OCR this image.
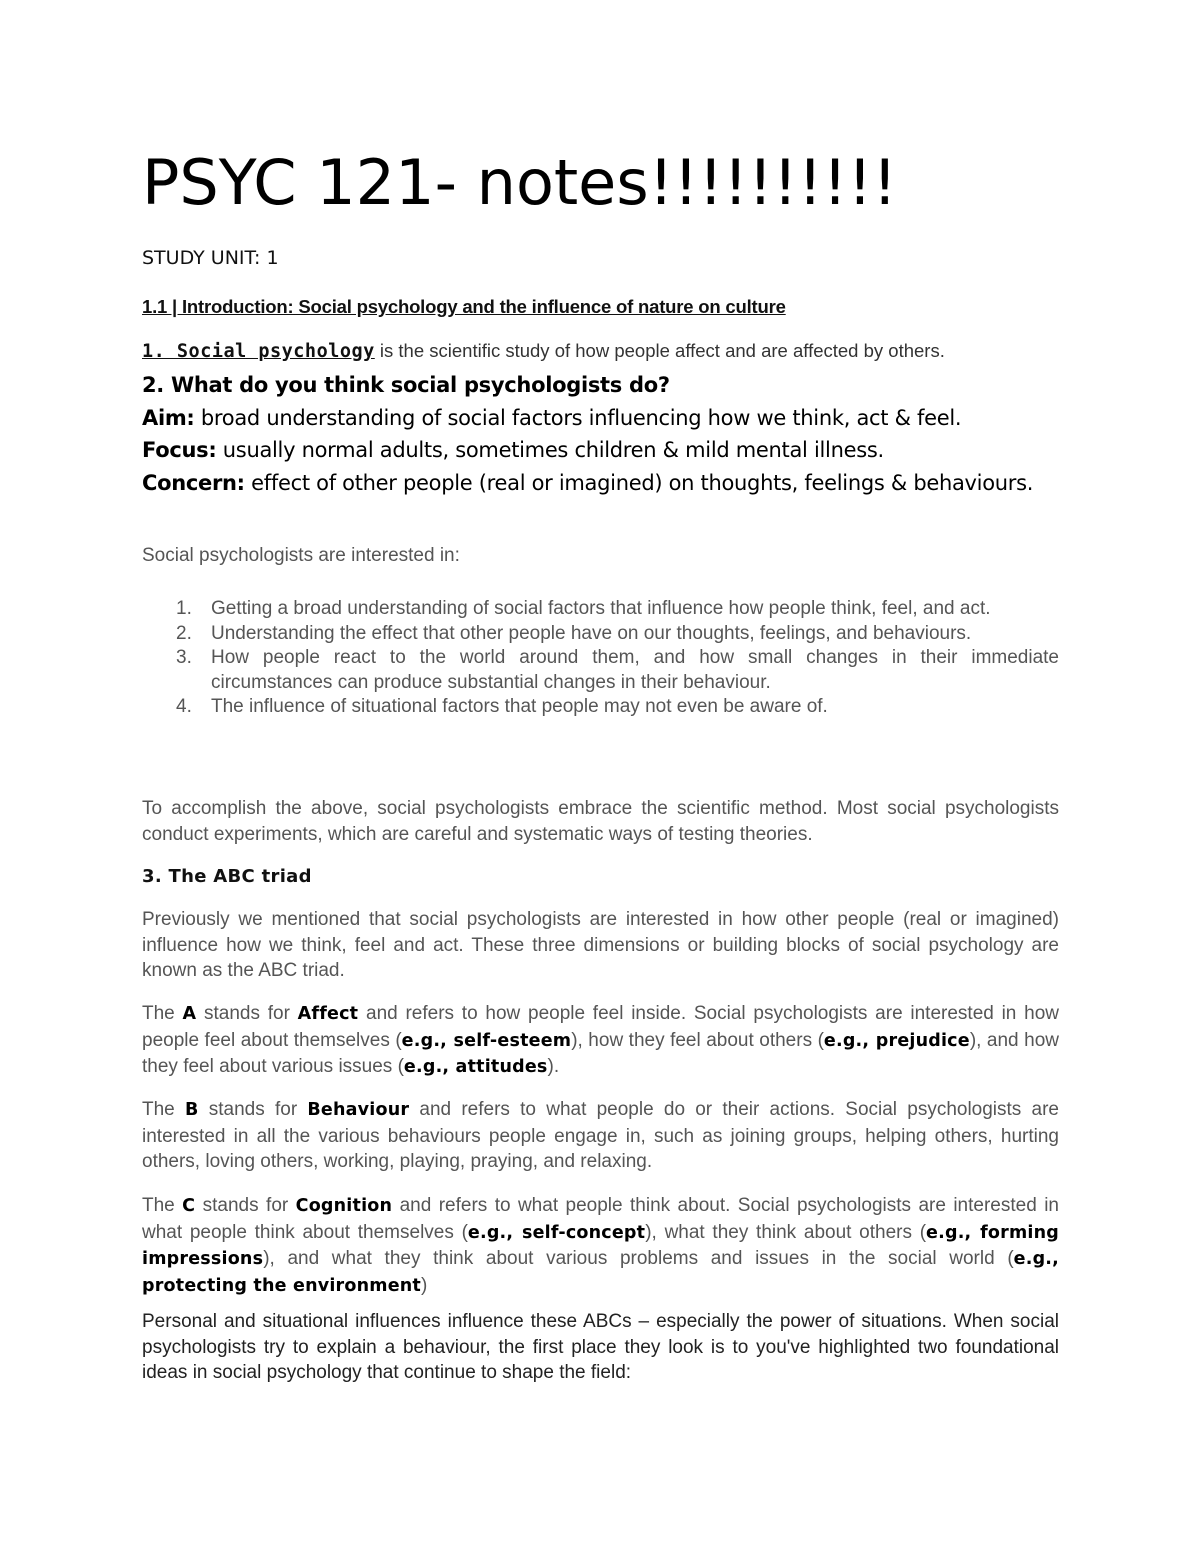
PSYC 121- notes!!!!!!!!!!
STUDY UNIT: 1
1.1 | Introduction: Social psychology and the influence of nature on culture
1. Social psychology is the scientific study of how people affect and are affected by others.
2. What do you think social psychologists do?

Aim: broad understanding of social factors influencing how we think, act & feel.

Focus: usually normal adults, sometimes children & mild mental illness.

Concern: effect of other people (real or imagined) on thoughts, feelings & behaviours.

Social psychologists are interested in:
1. Getting a broad understanding of social factors that influence how people think, feel, and act.
2. Understanding the effect that other people have on our thoughts, feelings, and behaviours.
3. How people react to the world around them, and how small changes in their immediate circumstances can produce substantial changes in their behaviour.
4. The influence of situational factors that people may not even be aware of.

To accomplish the above, social psychologists embrace the scientific method. Most social psychologists conduct experiments, which are careful and systematic ways of testing theories.

3. The ABC triad

Previously we mentioned that social psychologists are interested in how other people (real or imagined) influence how we think, feel and act. These three dimensions or building blocks of social psychology are known as the ABC triad.

The A stands for Affect and refers to how people feel inside. Social psychologists are interested in how people feel about themselves (e.g., self-esteem), how they feel about others (e.g., prejudice), and how they feel about various issues (e.g., attitudes).

The B stands for Behaviour and refers to what people do or their actions. Social psychologists are interested in all the various behaviours people engage in, such as joining groups, helping others, hurting others, loving others, working, playing, praying, and relaxing.

The C stands for Cognition and refers to what people think about. Social psychologists are interested in what people think about themselves (e.g., self-concept), what they think about others (e.g., forming impressions), and what they think about various problems and issues in the social world (e.g., protecting the environment)

Personal and situational influences influence these ABCs – especially the power of situations. When social psychologists try to explain a behaviour, the first place they look is to you've highlighted two foundational ideas in social psychology that continue to shape the field:
